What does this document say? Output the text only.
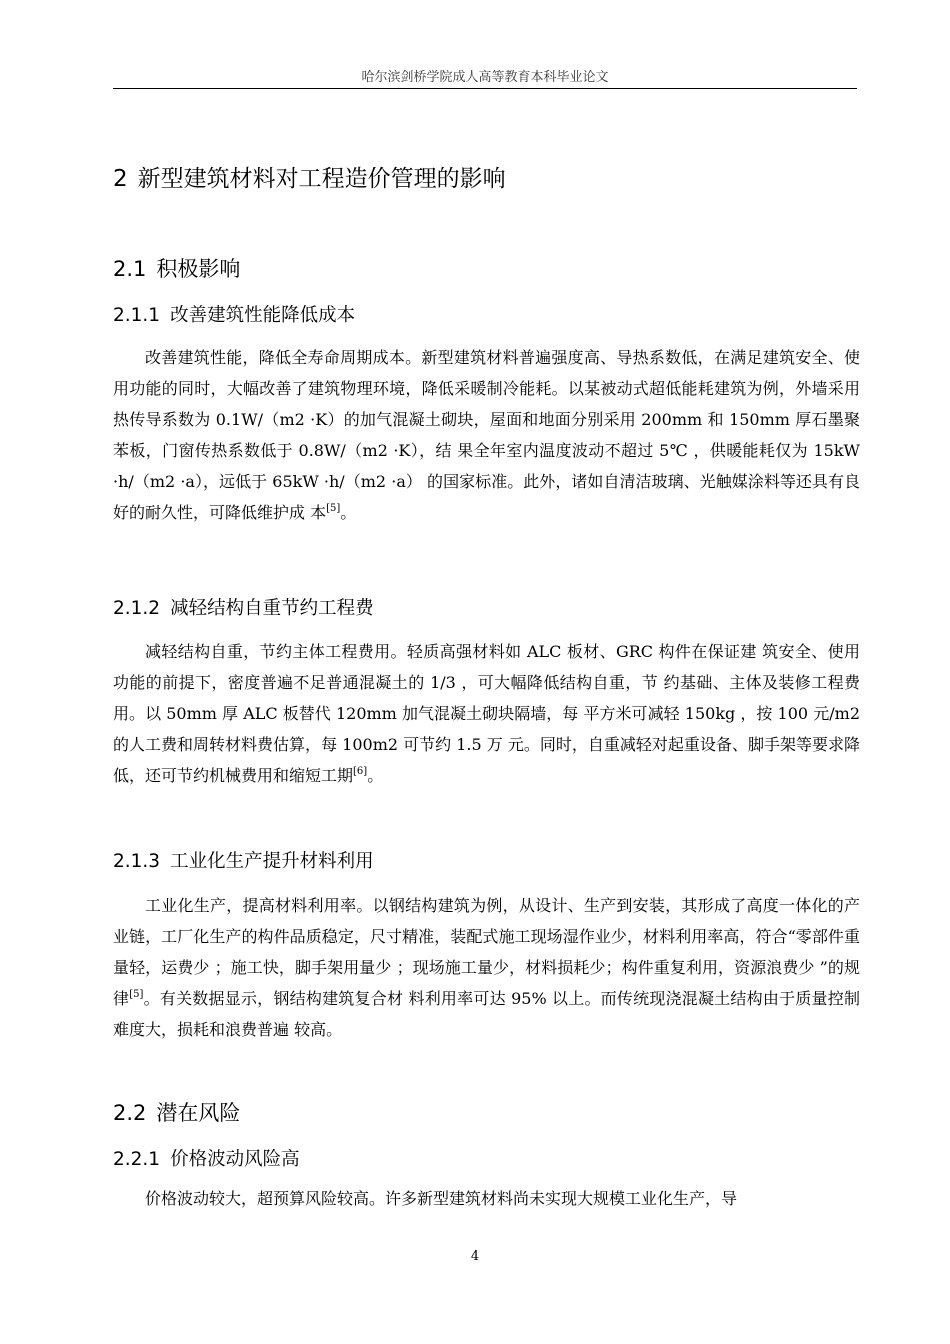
哈尔滨剑桥学院成人高等教育本科毕业论文
2 新型建筑材料对工程造价管理的影响
2.1 积极影响
2.1.1 改善建筑性能降低成本

改善建筑性能，降低全寿命周期成本。新型建筑材料普遍强度高、导热系数低，在满足建筑安全、使用功能的同时，大幅改善了建筑物理环境，降低采暖制冷能耗。以某被动式超低能耗建筑为例，外墙采用热传导系数为 0.1W/（m2 ·K）的加气混凝土砌块，屋面和地面分别采用 200mm 和 150mm 厚石墨聚苯板，门窗传热系数低于 0.8W/（m2 ·K），结 果全年室内温度波动不超过 5℃ ，供暖能耗仅为 15kW ·h/（m2 ·a），远低于 65kW ·h/（m2 ·a） 的国家标准。此外，诸如自清洁玻璃、光触媒涂料等还具有良好的耐久性，可降低维护成 本[5]。

2.1.2 减轻结构自重节约工程费

减轻结构自重，节约主体工程费用。轻质高强材料如 ALC 板材、GRC 构件在保证建 筑安全、使用功能的前提下，密度普遍不足普通混凝土的 1/3 ，可大幅降低结构自重，节 约基础、主体及装修工程费用。以 50mm 厚 ALC 板替代 120mm 加气混凝土砌块隔墙，每 平方米可减轻 150kg ，按 100 元/m2 的人工费和周转材料费估算，每 100m2 可节约 1.5 万 元。同时，自重减轻对起重设备、脚手架等要求降低，还可节约机械费用和缩短工期[6]。

2.1.3 工业化生产提升材料利用

工业化生产，提高材料利用率。以钢结构建筑为例，从设计、生产到安装，其形成了高度一体化的产业链，工厂化生产的构件品质稳定，尺寸精准，装配式施工现场湿作业少，材料利用率高，符合“零部件重量轻，运费少 ；施工快，脚手架用量少 ；现场施工量少，材料损耗少；构件重复利用，资源浪费少 ”的规律[5]。有关数据显示，钢结构建筑复合材 料利用率可达 95% 以上。而传统现浇混凝土结构由于质量控制难度大，损耗和浪费普遍 较高。

2.2 潜在风险
2.2.1 价格波动风险高

价格波动较大，超预算风险较高。许多新型建筑材料尚未实现大规模工业化生产，导

4
